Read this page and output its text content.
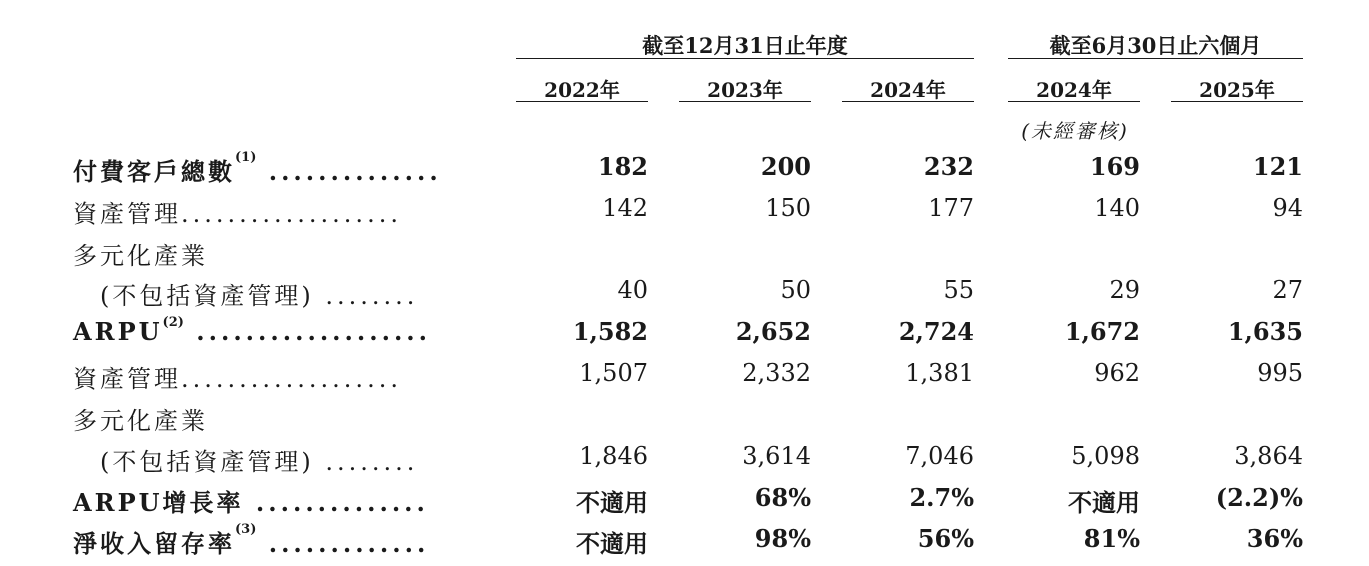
截至12月31日止年度	截至6月30日止六個月
2022年	2023年	2024年	2024年	2025年
(未經審核)
付費客戶總數$^{(1)}$ ..............	182	200	232	169	121
資產管理...................	142	150	177	140	94
多元化產業
　(不包括資產管理) ........	40	50	55	29	27
ARPU$^{(2)}$ ...................	1,582	2,652	2,724	1,672	1,635
資產管理...................	1,507	2,332	1,381	962	995
多元化產業
　(不包括資產管理) ........	1,846	3,614	7,046	5,098	3,864
ARPU增長率 ..............	不適用	68%	2.7%	不適用	(2.2)%
淨收入留存率$^{(3)}$ .............	不適用	98%	56%	81%	36%
